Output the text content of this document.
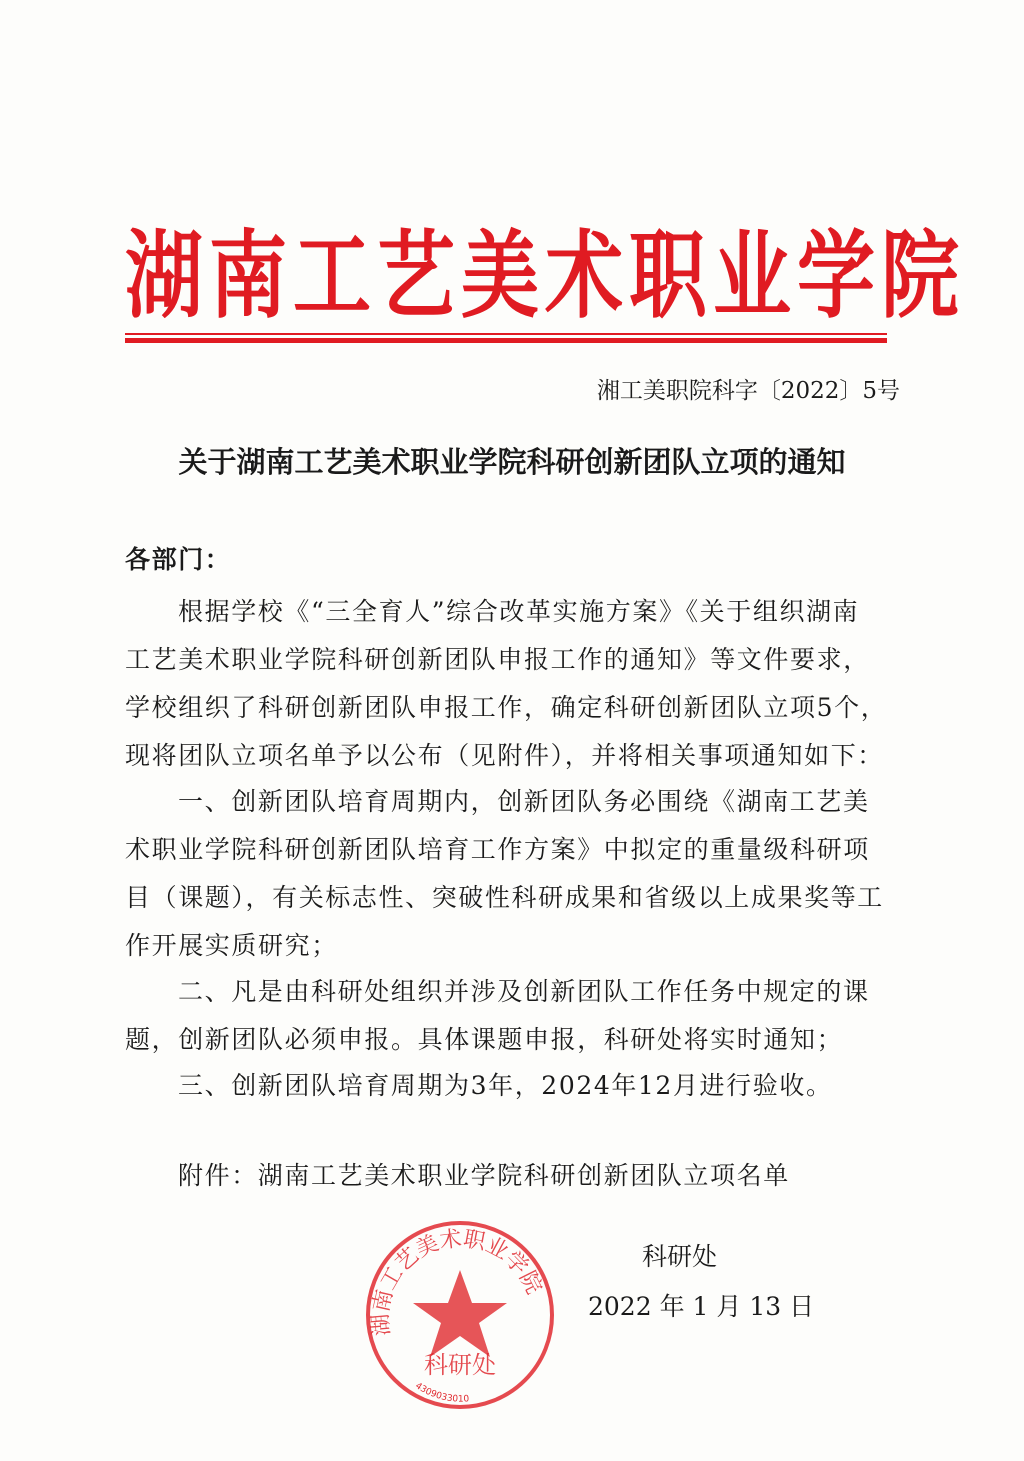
湖南工艺美术职业学院
湘工美职院科字〔2022〕5号
关于湖南工艺美术职业学院科研创新团队立项的通知
各部门：
根据学校《“三全育人”综合改革实施方案》《关于组织湖南
工艺美术职业学院科研创新团队申报工作的通知》等文件要求，
学校组织了科研创新团队申报工作，确定科研创新团队立项5个，
现将团队立项名单予以公布（见附件），并将相关事项通知如下：
一、创新团队培育周期内，创新团队务必围绕《湖南工艺美
术职业学院科研创新团队培育工作方案》中拟定的重量级科研项
目（课题），有关标志性、突破性科研成果和省级以上成果奖等工
作开展实质研究；
二、凡是由科研处组织并涉及创新团队工作任务中规定的课
题，创新团队必须申报。具体课题申报，科研处将实时通知；
三、创新团队培育周期为3年，2024年12月进行验收。
附件：湖南工艺美术职业学院科研创新团队立项名单
湖南工艺美术职业学院
科研处
4309033010
科研处
2022 年 1 月 13 日
